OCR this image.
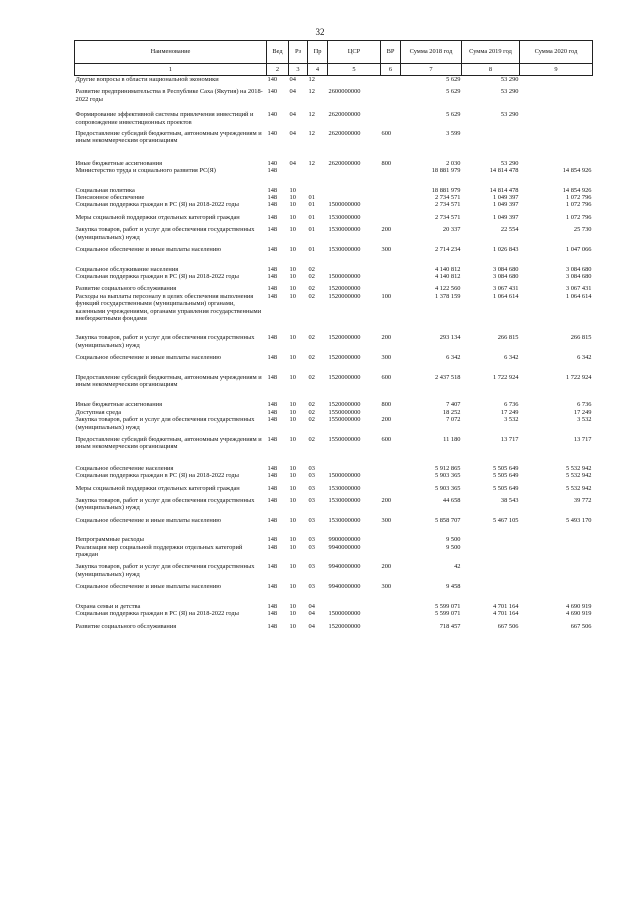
32
Наименование	Вед	Рз	Пр	ЦСР	ВР	Сумма 2018 год	Сумма 2019 год	Сумма 2020 год
1	2	3	4	5	6	7	8	9
Другие вопросы в области национальной экономики	140	04	12			5 629	53 290	

Развитие предпринимательства в Республике Саха (Якутия) на 2018-2022 годы	140	04	12	2600000000		5 629	53 290	

Формирование эффективной системы привлечения инвестиций и сопровождение инвестиционных проектов	140	04	12	2620000000		5 629	53 290	

Предоставление субсидий бюджетным, автономным учреждениям и иным некоммерческим организациям	140	04	12	2620000000	600	3 599		

Иные бюджетные ассигнования	140	04	12	2620000000	800	2 030	53 290	
Министерство труда и социального развития РС(Я)	148					18 881 979	14 814 478	14 854 926

Социальная политика	148	10				18 881 979	14 814 478	14 854 926
Пенсионное обеспечение	148	10	01			2 734 571	1 049 397	1 072 796
Социальная поддержка граждан в РС (Я) на 2018-2022 годы	148	10	01	1500000000		2 734 571	1 049 397	1 072 796

Меры социальной поддержки отдельных категорий граждан	148	10	01	1530000000		2 734 571	1 049 397	1 072 796

Закупка товаров, работ и услуг для обеспечения государственных (муниципальных) нужд	148	10	01	1530000000	200	20 337	22 554	25 730

Социальное обеспечение и иные выплаты населению	148	10	01	1530000000	300	2 714 234	1 026 843	1 047 066

Социальное обслуживание населения	148	10	02			4 140 812	3 084 680	3 084 680
Социальная поддержка граждан в РС (Я) на 2018-2022 годы	148	10	02	1500000000		4 140 812	3 084 680	3 084 680

Развитие социального обслуживания	148	10	02	1520000000		4 122 560	3 067 431	3 067 431
Расходы на выплаты персоналу в целях обеспечения выполнения функций государственными (муниципальными) органами, казенными учреждениями, органами управления государственными внебюджетными фондами	148	10	02	1520000000	100	1 378 159	1 064 614	1 064 614

Закупка товаров, работ и услуг для обеспечения государственных (муниципальных) нужд	148	10	02	1520000000	200	293 134	266 815	266 815

Социальное обеспечение и иные выплаты населению	148	10	02	1520000000	300	6 342	6 342	6 342

Предоставление субсидий бюджетным, автономным учреждениям и иным некоммерческим организациям	148	10	02	1520000000	600	2 437 518	1 722 924	1 722 924

Иные бюджетные ассигнования	148	10	02	1520000000	800	7 407	6 736	6 736
Доступная среда	148	10	02	1550000000		18 252	17 249	17 249
Закупка товаров, работ и услуг для обеспечения государственных (муниципальных) нужд	148	10	02	1550000000	200	7 072	3 532	3 532

Предоставление субсидий бюджетным, автономным учреждениям и иным некоммерческим организациям	148	10	02	1550000000	600	11 180	13 717	13 717

Социальное обеспечение населения	148	10	03			5 912 865	5 505 649	5 532 942
Социальная поддержка граждан в РС (Я) на 2018-2022 годы	148	10	03	1500000000		5 903 365	5 505 649	5 532 942

Меры социальной поддержки отдельных категорий граждан	148	10	03	1530000000		5 903 365	5 505 649	5 532 942

Закупка товаров, работ и услуг для обеспечения государственных (муниципальных) нужд	148	10	03	1530000000	200	44 658	38 543	39 772

Социальное обеспечение и иные выплаты населению	148	10	03	1530000000	300	5 858 707	5 467 105	5 493 170

Непрограммные расходы	148	10	03	9900000000		9 500		
Реализация мер социальной поддержки отдельных категорий граждан	148	10	03	9940000000		9 500		

Закупка товаров, работ и услуг для обеспечения государственных (муниципальных) нужд	148	10	03	9940000000	200	42		

Социальное обеспечение и иные выплаты населению	148	10	03	9940000000	300	9 458		

Охрана семьи и детства	148	10	04			5 599 071	4 701 164	4 690 919
Социальная поддержка граждан в РС (Я) на 2018-2022 годы	148	10	04	1500000000		5 599 071	4 701 164	4 690 919

Развитие социального обслуживания	148	10	04	1520000000		718 457	667 506	667 506
